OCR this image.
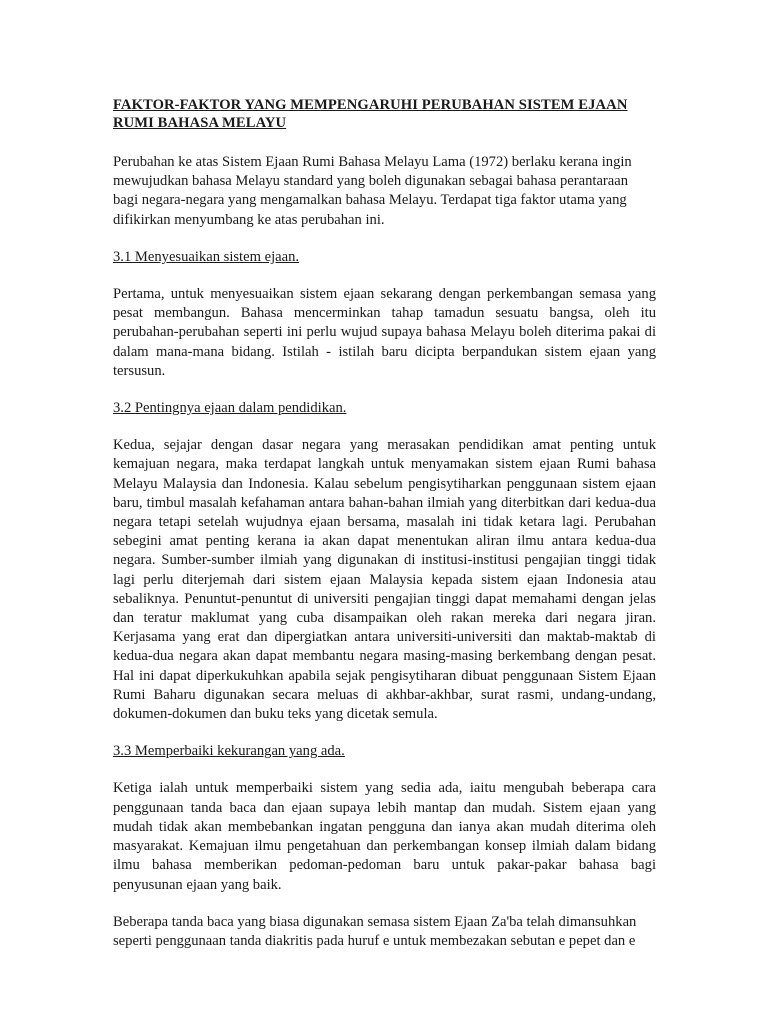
FAKTOR-FAKTOR YANG MEMPENGARUHI PERUBAHAN SISTEM EJAAN RUMI BAHASA MELAYU

Perubahan ke atas Sistem Ejaan Rumi Bahasa Melayu Lama (1972) berlaku kerana ingin mewujudkan bahasa Melayu standard yang boleh digunakan sebagai bahasa perantaraan bagi negara-negara yang mengamalkan bahasa Melayu. Terdapat tiga faktor utama yang difikirkan menyumbang ke atas perubahan ini.

3.1 Menyesuaikan sistem ejaan.

Pertama, untuk menyesuaikan sistem ejaan sekarang dengan perkembangan semasa yang pesat membangun. Bahasa mencerminkan tahap tamadun sesuatu bangsa, oleh itu perubahan-perubahan seperti ini perlu wujud supaya bahasa Melayu boleh diterima pakai di dalam mana-mana bidang. Istilah - istilah baru dicipta berpandukan sistem ejaan yang tersusun.

3.2 Pentingnya ejaan dalam pendidikan.

Kedua, sejajar dengan dasar negara yang merasakan pendidikan amat penting untuk kemajuan negara, maka terdapat langkah untuk menyamakan sistem ejaan Rumi bahasa Melayu Malaysia dan Indonesia. Kalau sebelum pengisytiharkan penggunaan sistem ejaan baru, timbul masalah kefahaman antara bahan-bahan ilmiah yang diterbitkan dari kedua-dua negara tetapi setelah wujudnya ejaan bersama, masalah ini tidak ketara lagi. Perubahan sebegini amat penting kerana ia akan dapat menentukan aliran ilmu antara kedua-dua negara. Sumber-sumber ilmiah yang digunakan di institusi-institusi pengajian tinggi tidak lagi perlu diterjemah dari sistem ejaan Malaysia kepada sistem ejaan Indonesia atau sebaliknya. Penuntut-penuntut di universiti pengajian tinggi dapat memahami dengan jelas dan teratur maklumat yang cuba disampaikan oleh rakan mereka dari negara jiran. Kerjasama yang erat dan dipergiatkan antara universiti-universiti dan maktab-maktab di kedua-dua negara akan dapat membantu negara masing-masing berkembang dengan pesat. Hal ini dapat diperkukuhkan apabila sejak pengisytiharan dibuat penggunaan Sistem Ejaan Rumi Baharu digunakan secara meluas di akhbar-akhbar, surat rasmi, undang-undang, dokumen-dokumen dan buku teks yang dicetak semula.

3.3 Memperbaiki kekurangan yang ada.

Ketiga ialah untuk memperbaiki sistem yang sedia ada, iaitu mengubah beberapa cara penggunaan tanda baca dan ejaan supaya lebih mantap dan mudah. Sistem ejaan yang mudah tidak akan membebankan ingatan pengguna dan ianya akan mudah diterima oleh masyarakat. Kemajuan ilmu pengetahuan dan perkembangan konsep ilmiah dalam bidang ilmu bahasa memberikan pedoman-pedoman baru untuk pakar-pakar bahasa bagi penyusunan ejaan yang baik.

Beberapa tanda baca yang biasa digunakan semasa sistem Ejaan Za'ba telah dimansuhkan seperti penggunaan tanda diakritis pada huruf e untuk membezakan sebutan e pepet dan e
